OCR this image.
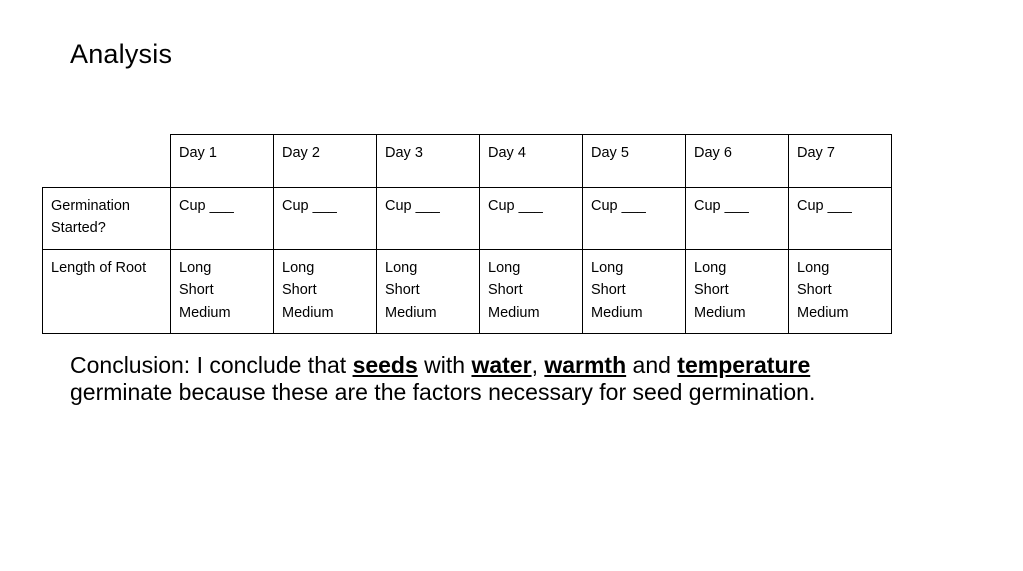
Analysis
	Day 1	Day 2	Day 3	Day 4	Day 5	Day 6	Day 7
Germination Started?	Cup ___	Cup ___	Cup ___	Cup ___	Cup ___	Cup ___	Cup ___

Length of Root	Long
Short
Medium	Long
Short
Medium	Long
Short
Medium	Long
Short
Medium	Long
Short
Medium	Long
Short
Medium	Long
Short
Medium
Conclusion: I conclude that seeds with water, warmth and temperature germinate because these are the factors necessary for seed germination.
